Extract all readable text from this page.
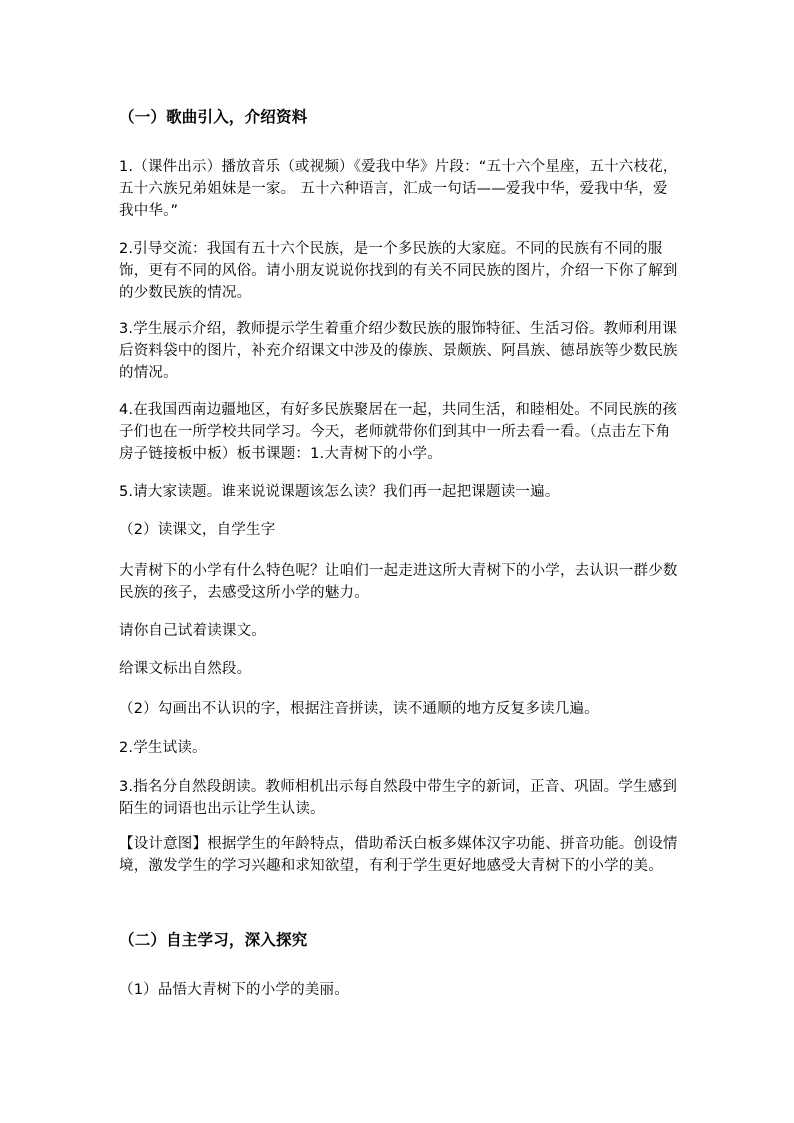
（一）歌曲引入，介绍资料

1.（课件出示）播放音乐（或视频）《爱我中华》片段：“五十六个星座，五十六枝花，五十六族兄弟姐妹是一家。 五十六种语言，汇成一句话——爱我中华，爱我中华，爱我中华。”

2.引导交流：我国有五十六个民族，是一个多民族的大家庭。不同的民族有不同的服饰，更有不同的风俗。请小朋友说说你找到的有关不同民族的图片，介绍一下你了解到的少数民族的情况。

3.学生展示介绍，教师提示学生着重介绍少数民族的服饰特征、生活习俗。教师利用课后资料袋中的图片，补充介绍课文中涉及的傣族、景颇族、阿昌族、德昂族等少数民族的情况。

4.在我国西南边疆地区，有好多民族聚居在一起，共同生活，和睦相处。不同民族的孩子们也在一所学校共同学习。今天，老师就带你们到其中一所去看一看。（点击左下角房子链接板中板）板书课题：1.大青树下的小学。

5.请大家读题。谁来说说课题该怎么读？我们再一起把课题读一遍。

（2）读课文，自学生字

大青树下的小学有什么特色呢？让咱们一起走进这所大青树下的小学，去认识一群少数民族的孩子，去感受这所小学的魅力。

请你自己试着读课文。

给课文标出自然段。

（2）勾画出不认识的字，根据注音拼读，读不通顺的地方反复多读几遍。

2.学生试读。

3.指名分自然段朗读。教师相机出示每自然段中带生字的新词，正音、巩固。学生感到陌生的词语也出示让学生认读。

【设计意图】根据学生的年龄特点，借助希沃白板多媒体汉字功能、拼音功能。创设情境，激发学生的学习兴趣和求知欲望，有利于学生更好地感受大青树下的小学的美。

（二）自主学习，深入探究

（1）品悟大青树下的小学的美丽。
